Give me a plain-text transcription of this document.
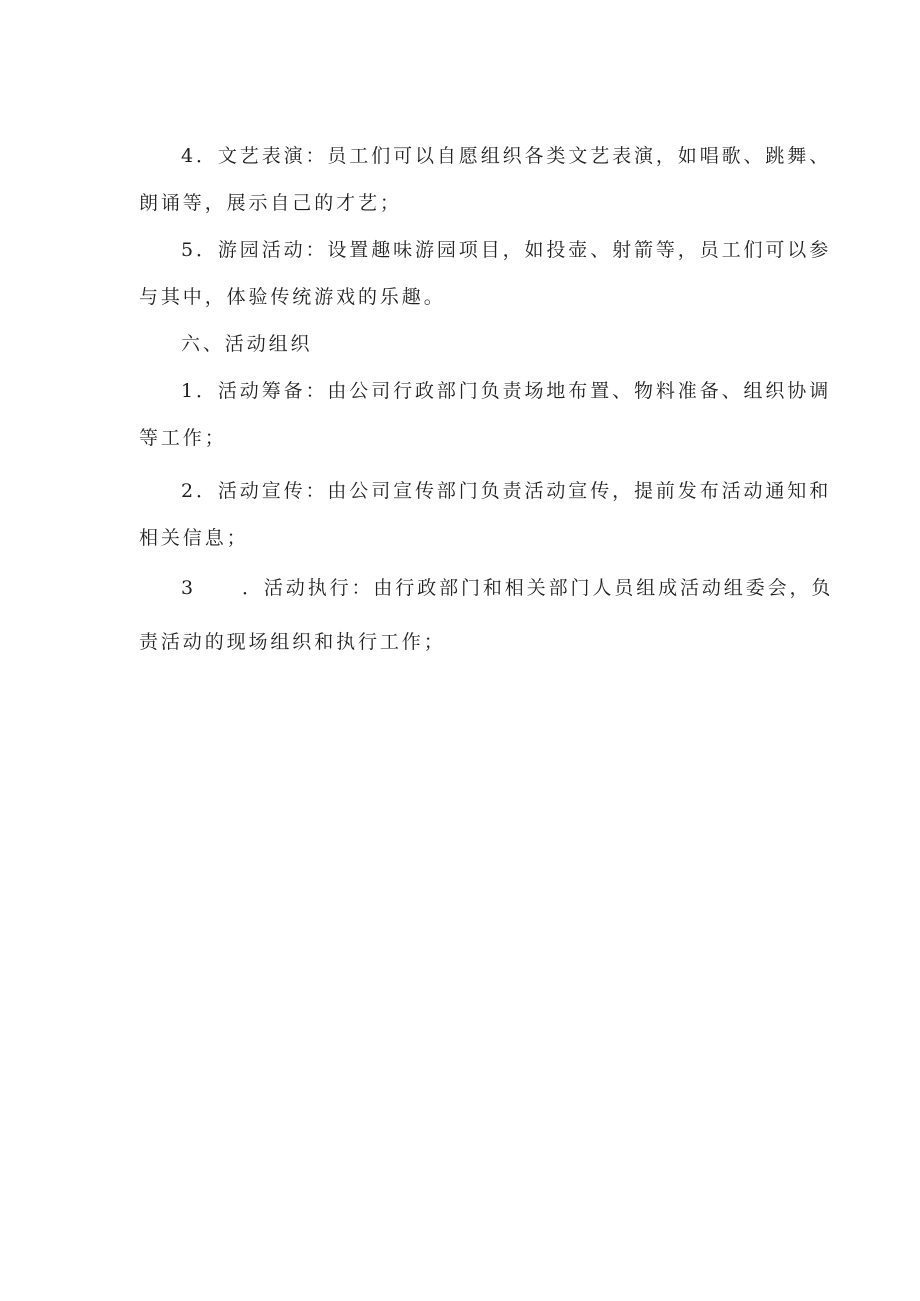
4．文艺表演：员工们可以自愿组织各类文艺表演，如唱歌、跳舞、
朗诵等，展示自己的才艺；
5．游园活动：设置趣味游园项目，如投壶、射箭等，员工们可以参
与其中，体验传统游戏的乐趣。
六、活动组织
1．活动筹备：由公司行政部门负责场地布置、物料准备、组织协调
等工作；
2．活动宣传：由公司宣传部门负责活动宣传，提前发布活动通知和
相关信息；
3 ．活动执行：由行政部门和相关部门人员组成活动组委会，负
责活动的现场组织和执行工作；
